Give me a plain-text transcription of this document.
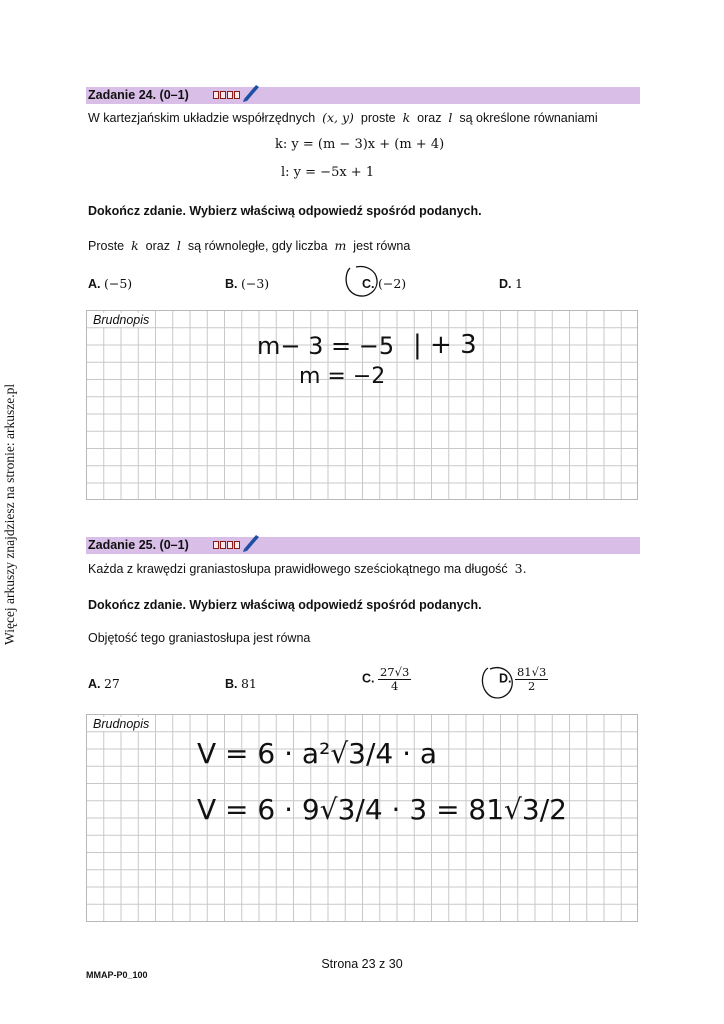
Więcej arkuszy znajdziesz na stronie: arkusze.pl
Zadanie 24. (0–1)
W kartezjańskim układzie współrzędnych (x, y) proste k oraz l są określone równaniami
k: y = (m − 3)x + (m + 4)
l: y = −5x + 1
Dokończ zdanie. Wybierz właściwą odpowiedź spośród podanych.
Proste k oraz l są równoległe, gdy liczba m jest równa
A. (−5)	B. (−3)	C. (−2)	D. 1
Brudnopis
m− 3 = −5 | + 3
m = −2
Zadanie 25. (0–1)
Każda z krawędzi graniastosłupa prawidłowego sześciokątnego ma długość 3.
Dokończ zdanie. Wybierz właściwą odpowiedź spośród podanych.
Objętość tego graniastosłupa jest równa
A. 27	B. 81	C. $\frac{27√3}{4}$	D. $\frac{81√3}{2}$
Brudnopis
V = 6 · a²√3/4 · a
V = 6 · 9√3/4 · 3 = 81√3/2
Strona 23 z 30
MMAP-P0_100
